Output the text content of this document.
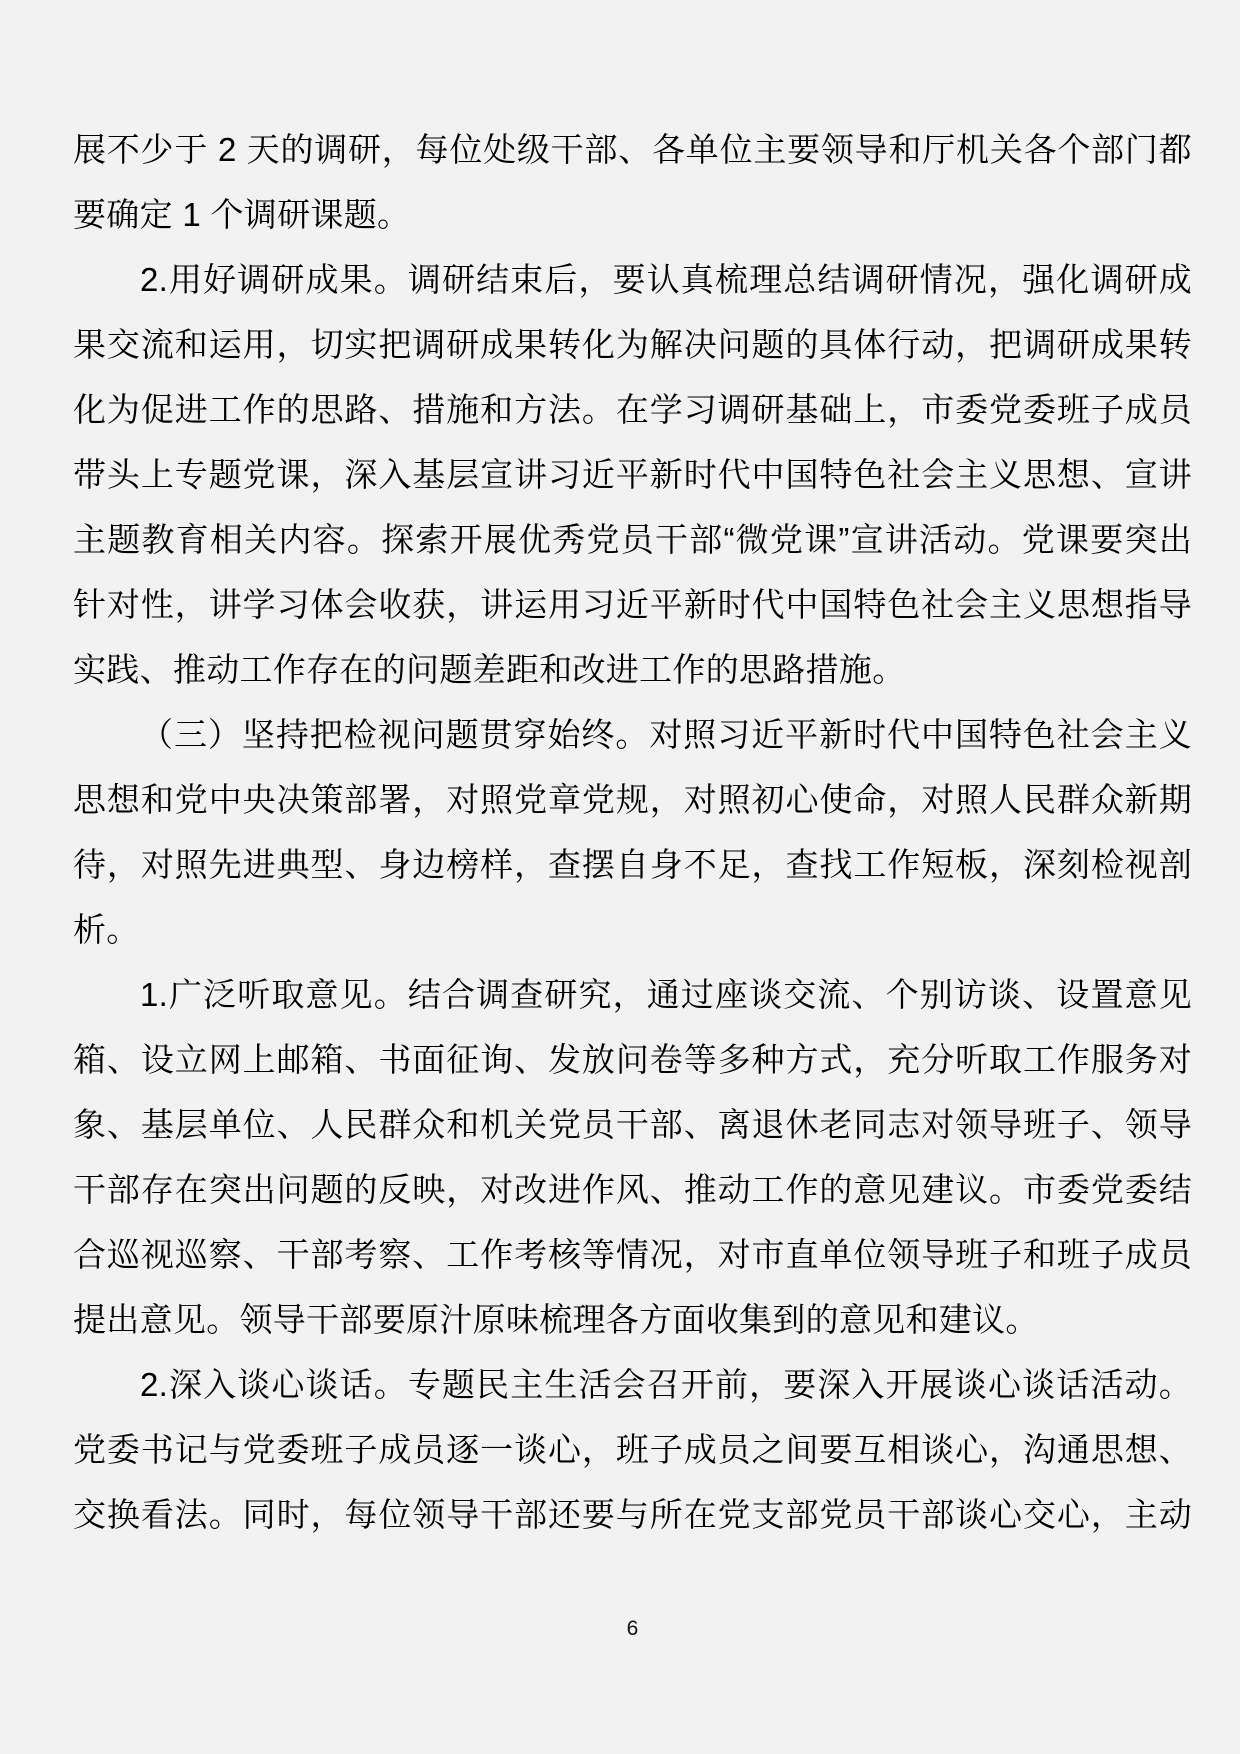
展不少于 2 天的调研，每位处级干部、各单位主要领导和厅机关各个部门都
要确定 1 个调研课题。
2.用好调研成果。调研结束后，要认真梳理总结调研情况，强化调研成
果交流和运用，切实把调研成果转化为解决问题的具体行动，把调研成果转
化为促进工作的思路、措施和方法。在学习调研基础上，市委党委班子成员
带头上专题党课，深入基层宣讲习近平新时代中国特色社会主义思想、宣讲
主题教育相关内容。探索开展优秀党员干部“微党课”宣讲活动。党课要突出
针对性，讲学习体会收获，讲运用习近平新时代中国特色社会主义思想指导
实践、推动工作存在的问题差距和改进工作的思路措施。
（三）坚持把检视问题贯穿始终。对照习近平新时代中国特色社会主义
思想和党中央决策部署，对照党章党规，对照初心使命，对照人民群众新期
待，对照先进典型、身边榜样，查摆自身不足，查找工作短板，深刻检视剖
析。
1.广泛听取意见。结合调查研究，通过座谈交流、个别访谈、设置意见
箱、设立网上邮箱、书面征询、发放问卷等多种方式，充分听取工作服务对
象、基层单位、人民群众和机关党员干部、离退休老同志对领导班子、领导
干部存在突出问题的反映，对改进作风、推动工作的意见建议。市委党委结
合巡视巡察、干部考察、工作考核等情况，对市直单位领导班子和班子成员
提出意见。领导干部要原汁原味梳理各方面收集到的意见和建议。
2.深入谈心谈话。专题民主生活会召开前，要深入开展谈心谈话活动。
党委书记与党委班子成员逐一谈心，班子成员之间要互相谈心，沟通思想、
交换看法。同时，每位领导干部还要与所在党支部党员干部谈心交心，主动
6
